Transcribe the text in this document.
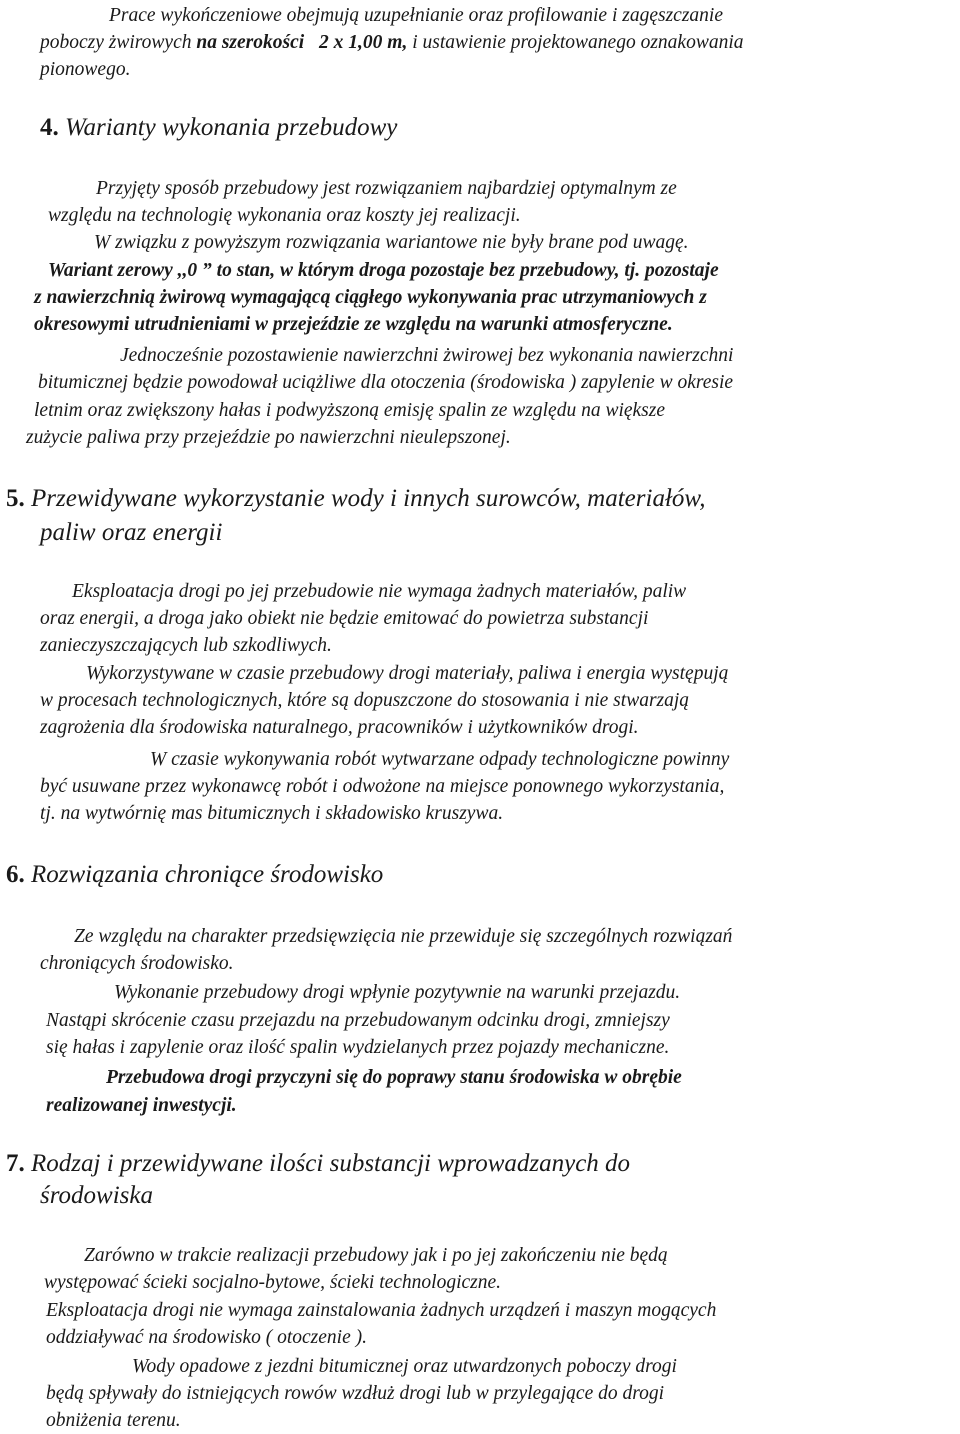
Prace wykończeniowe obejmują uzupełnianie oraz profilowanie i zagęszczanie
poboczy żwirowych na szerokości 2 x 1,00 m, i ustawienie projektowanego oznakowania
pionowego.
4. Warianty wykonania przebudowy
Przyjęty sposób przebudowy jest rozwiązaniem najbardziej optymalnym ze
względu na technologię wykonania oraz koszty jej realizacji.
W związku z powyższym rozwiązania wariantowe nie były brane pod uwagę.
Wariant zerowy ,,0 ” to stan, w którym droga pozostaje bez przebudowy, tj. pozostaje
z nawierzchnią żwirową wymagającą ciągłego wykonywania prac utrzymaniowych z
okresowymi utrudnieniami w przejeździe ze względu na warunki atmosferyczne.
Jednocześnie pozostawienie nawierzchni żwirowej bez wykonania nawierzchni
bitumicznej będzie powodował uciążliwe dla otoczenia (środowiska ) zapylenie w okresie
letnim oraz zwiększony hałas i podwyższoną emisję spalin ze względu na większe
zużycie paliwa przy przejeździe po nawierzchni nieulepszonej.
5. Przewidywane wykorzystanie wody i innych surowców, materiałów,
paliw oraz energii
Eksploatacja drogi po jej przebudowie nie wymaga żadnych materiałów, paliw
oraz energii, a droga jako obiekt nie będzie emitować do powietrza substancji
zanieczyszczających lub szkodliwych.
Wykorzystywane w czasie przebudowy drogi materiały, paliwa i energia występują
w procesach technologicznych, które są dopuszczone do stosowania i nie stwarzają
zagrożenia dla środowiska naturalnego, pracowników i użytkowników drogi.
W czasie wykonywania robót wytwarzane odpady technologiczne powinny
być usuwane przez wykonawcę robót i odwożone na miejsce ponownego wykorzystania,
tj. na wytwórnię mas bitumicznych i składowisko kruszywa.
6. Rozwiązania chroniące środowisko
Ze względu na charakter przedsięwzięcia nie przewiduje się szczególnych rozwiązań
chroniących środowisko.
Wykonanie przebudowy drogi wpłynie pozytywnie na warunki przejazdu.
Nastąpi skrócenie czasu przejazdu na przebudowanym odcinku drogi, zmniejszy
się hałas i zapylenie oraz ilość spalin wydzielanych przez pojazdy mechaniczne.
Przebudowa drogi przyczyni się do poprawy stanu środowiska w obrębie
realizowanej inwestycji.
7. Rodzaj i przewidywane ilości substancji wprowadzanych do
środowiska
Zarówno w trakcie realizacji przebudowy jak i po jej zakończeniu nie będą
występować ścieki socjalno-bytowe, ścieki technologiczne.
Eksploatacja drogi nie wymaga zainstalowania żadnych urządzeń i maszyn mogących
oddziaływać na środowisko ( otoczenie ).
Wody opadowe z jezdni bitumicznej oraz utwardzonych poboczy drogi
będą spływały do istniejących rowów wzdłuż drogi lub w przylegające do drogi
obniżenia terenu.
